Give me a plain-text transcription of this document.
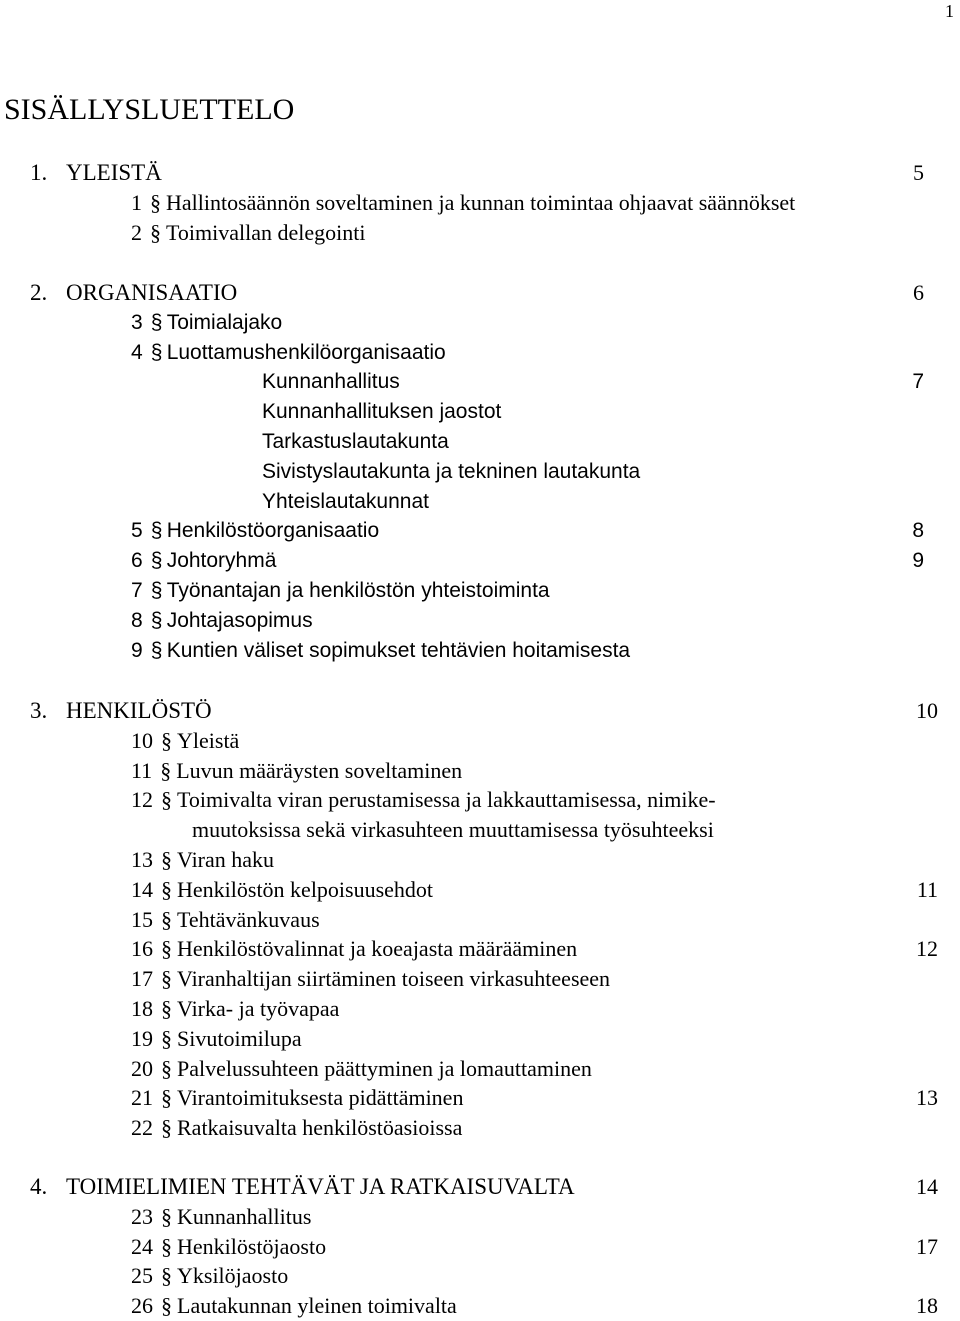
1
SISÄLLYSLUETTELO
1. YLEISTÄ	5
1 § Hallintosäännön soveltaminen ja kunnan toimintaa ohjaavat säännökset
2 § Toimivallan delegointi
2. ORGANISAATIO	6
3 § Toimialajako
4 § Luottamushenkilöorganisaatio
Kunnanhallitus	7
Kunnanhallituksen jaostot
Tarkastuslautakunta
Sivistyslautakunta ja tekninen lautakunta
Yhteislautakunnat
5 § Henkilöstöorganisaatio	8
6 § Johtoryhmä	9
7 § Työnantajan ja henkilöstön yhteistoiminta
8 § Johtajasopimus
9 § Kuntien väliset sopimukset tehtävien hoitamisesta
3. HENKILÖSTÖ	10
10 § Yleistä
11 § Luvun määräysten soveltaminen
12 § Toimivalta viran perustamisessa ja lakkauttamisessa, nimike-
muutoksissa sekä virkasuhteen muuttamisessa työsuhteeksi
13 § Viran haku
14 § Henkilöstön kelpoisuusehdot	11
15 § Tehtävänkuvaus
16 § Henkilöstövalinnat ja koeajasta määrääminen	12
17 § Viranhaltijan siirtäminen toiseen virkasuhteeseen
18 § Virka- ja työvapaa
19 § Sivutoimilupa
20 § Palvelussuhteen päättyminen ja lomauttaminen
21 § Virantoimituksesta pidättäminen	13
22 § Ratkaisuvalta henkilöstöasioissa
4. TOIMIELIMIEN TEHTÄVÄT JA RATKAISUVALTA	14
23 § Kunnanhallitus
24 § Henkilöstöjaosto	17
25 § Yksilöjaosto
26 § Lautakunnan yleinen toimivalta	18
